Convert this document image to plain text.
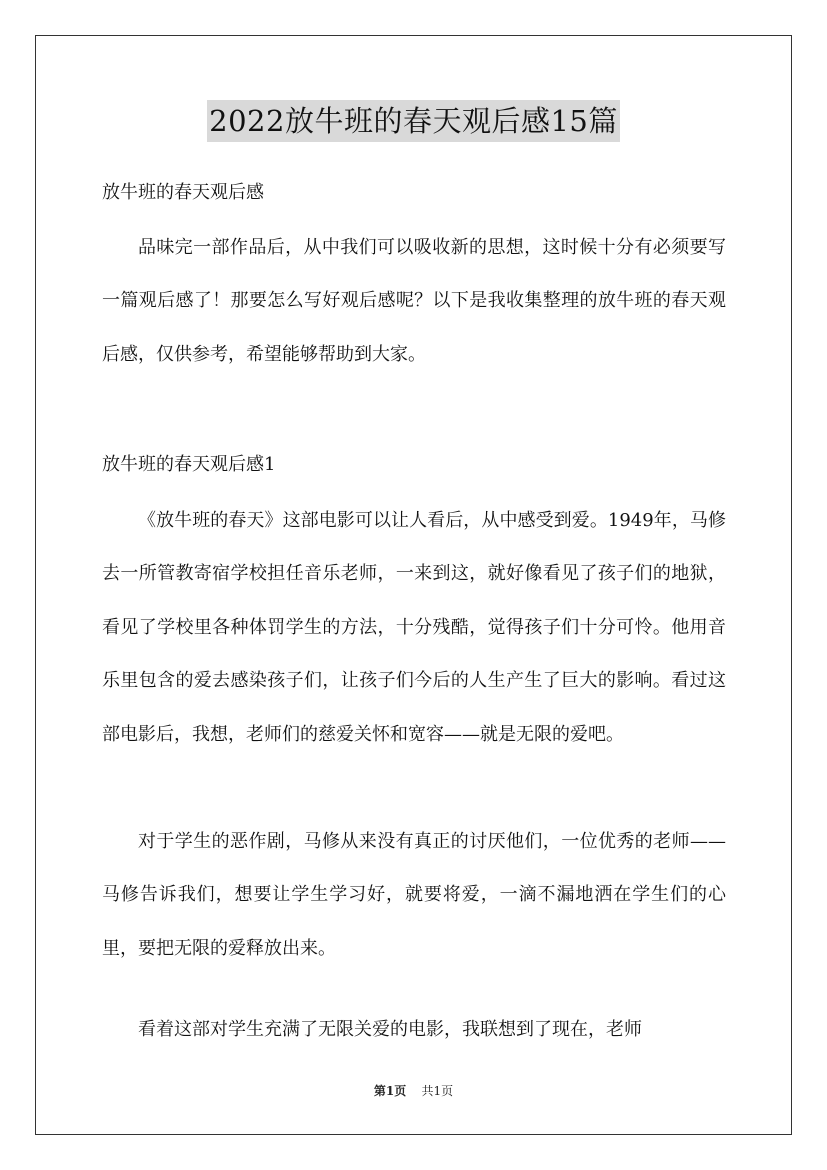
2022放牛班的春天观后感15篇

放牛班的春天观后感

品味完一部作品后，从中我们可以吸收新的思想，这时候十分有必须要写一篇观后感了！那要怎么写好观后感呢？以下是我收集整理的放牛班的春天观后感，仅供参考，希望能够帮助到大家。

放牛班的春天观后感1

《放牛班的春天》这部电影可以让人看后，从中感受到爱。1949年，马修去一所管教寄宿学校担任音乐老师，一来到这，就好像看见了孩子们的地狱，看见了学校里各种体罚学生的方法，十分残酷，觉得孩子们十分可怜。他用音乐里包含的爱去感染孩子们，让孩子们今后的人生产生了巨大的影响。看过这部电影后，我想，老师们的慈爱关怀和宽容——就是无限的爱吧。

对于学生的恶作剧，马修从来没有真正的讨厌他们，一位优秀的老师——马修告诉我们，想要让学生学习好，就要将爱，一滴不漏地洒在学生们的心里，要把无限的爱释放出来。

看着这部对学生充满了无限关爱的电影，我联想到了现在，老师

第1页 共1页
